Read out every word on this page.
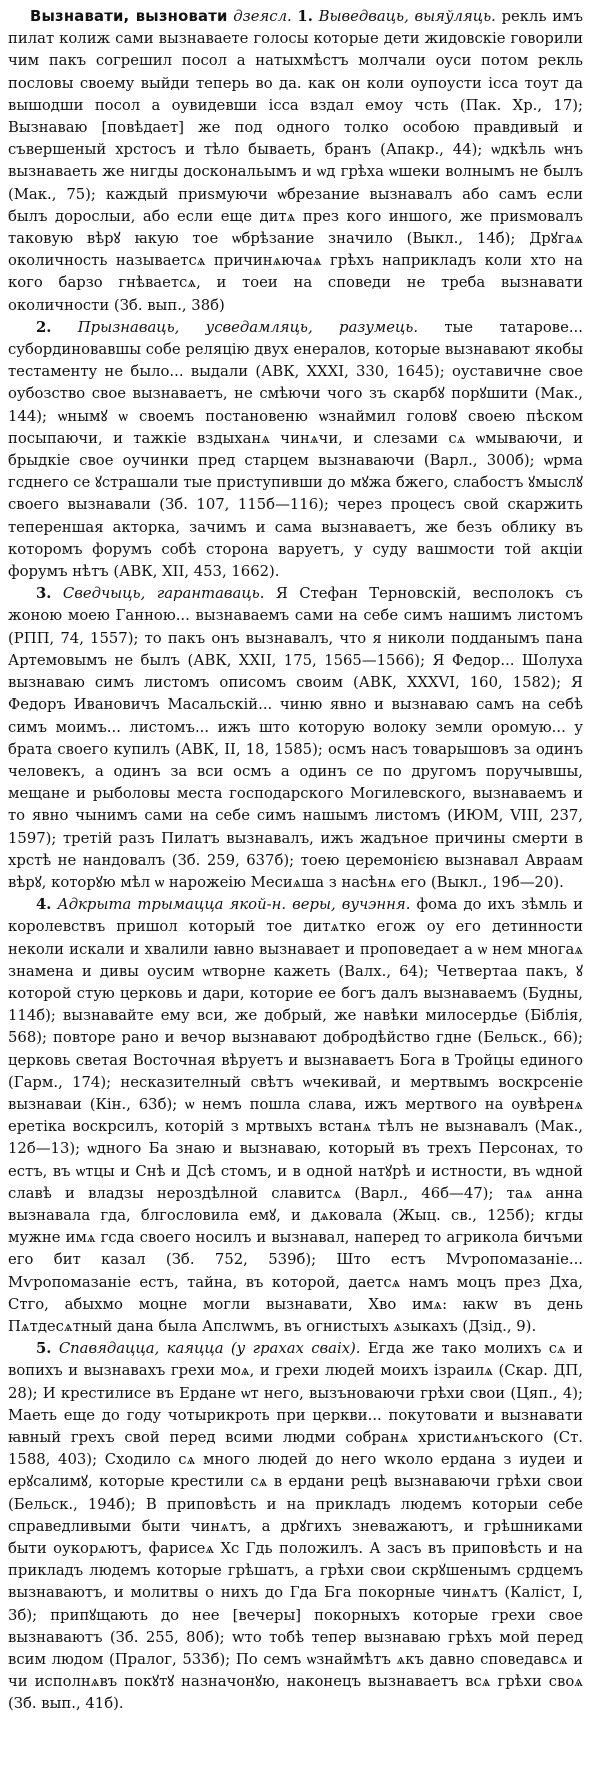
Вызнавати, вызновати дзеясл. 1. Выведваць, выяўляць. рекль имъ пилат колиж сами вызнаваете голосы которые дети жидовскіе говорили чим пакъ согрешил посол а натыхмѣстъ молчали оуси потом рекль пословы своему выйди теперь во да. как он коли оупоусти ісса тоут да вышодши посол а оувидевши ісса вздал емоу чсть (Пак. Хр., 17); Вызнаваю [повѣдает] же под одного толко особою правдивый и съвершеный хрстосъ и тѣло бываеть, бранъ (Апакр., 44); ѡдкѣль ѡнъ вызнаваеть же нигды доскональымъ и ѡд грѣха ѡшеки волнымъ не былъ (Мак., 75); каждый приѕмуючи ѡбрезание вызнавалъ або самъ если былъ дорослыи, або если еще дитѧ през кого иншого, же приѕмовалъ таковую вѣрꙋ ꙗкую тое ѡбрѣзание значило (Выкл., 14б); Дрꙋгаѧ околичность называетсѧ причинѧючаѧ грѣхъ наприкладъ коли хто на кого барзо гнѣваетсѧ, и тоеи на споведи не треба вызнавати околичности (Зб. вып., 38б)

2. Прызнаваць, усведамляць, разумець. тые татарове... субординовавшы собе реляцію двух енералов, которые вызнавают якобы тестаменту не было... выдали (АВК, XXXI, 330, 1645); оуставичне свое оубозство свое вызнаваетъ, не смѣючи чого зъ скарбꙋ порꙋшити (Мак., 144); ѡнымꙋ ѡ своемъ постановеню ѡзнаймил головꙋ своею пѣском посыпаючи, и тажкіе вздыханѧ чинѧчи, и слезами сѧ ѡмываючи, и брыдкіе свое оучинки пред старцем вызнаваючи (Варл., 300б); ѡрма гсднего се ꙋстрашали тые приступивши до мꙋжа бжего, слабостъ ꙋмыслꙋ своего вызнавали (Зб. 107, 115б—116); через процесъ свой скаржить тепереншая акторка, зачимъ и сама вызнаваетъ, же безъ облику въ которомъ форумъ собѣ сторона варуетъ, у суду вашмости той акціи форумъ нѣтъ (АВК, XII, 453, 1662).

3. Сведчыць, гарантаваць. Я Стефан Терновскій, весполокъ съ жоною моею Ганною... вызнаваемъ сами на себе симъ нашимъ листомъ (РПП, 74, 1557); то пакъ онъ вызнавалъ, что я николи подданымъ пана Артемовымъ не былъ (АВК, XXII, 175, 1565—1566); Я Федор... Шолуха вызнаваю симъ листомъ описомъ своим (АВК, XXXVI, 160, 1582); Я Федоръ Ивановичъ Масальскій... чиню явно и вызнаваю самъ на себѣ симъ моимъ... листомъ... ижъ што которую волоку земли оромую... у брата своего купилъ (АВК, II, 18, 1585); осмъ насъ товарышовъ за одинъ человекъ, а одинъ за вси осмъ а одинъ се по другомъ поручывшы, мещане и рыболовы места господарского Могилевского, вызнаваемъ и то явно чынимъ сами на себе симъ нашымъ листомъ (ИЮМ, VIII, 237, 1597); третій разъ Пилатъ вызнавалъ, ижъ жадъное причины смерти в хрстѣ не нандовалъ (Зб. 259, 637б); тоею церемонією вызнавал Авраам вѣрꙋ, которꙋю мѣл ѡ нарожеію Месиѧша з насѣнѧ его (Выкл., 19б—20).

4. Адкрыта трымацца якой-н. веры, вучэння. фома до ихъ зѣмль и королевствъ пришол который тое дитѧтко егож оу его детинности неколи искали и хвалили ꙗвно вызнавает и проповедает а ѡ нем многаѧ знамена и дивы оусим ѡтворне кажеть (Валх., 64); Четвертаа пакъ, ꙋ которой стую церковь и дари, которие ее богъ далъ вызнаваемъ (Будны, 114б); вызнавайте ему вси, же добрый, же навѣки милосердье (Біблія, 568); повторе рано и вечор вызнавают добродѣйство гдне (Бельск., 66); церковь светая Восточная вѣруетъ и вызнаваетъ Бога в Тройцы единого (Гарм., 174); несказителный свѣтъ ѡчекивай, и мертвымъ воскрсеніе вызнаваи (Кін., 63б); ѡ немъ пошла слава, ижъ мертвого на оувѣренѧ еретіка воскрсилъ, которій з мртвыхъ встанѧ тѣлъ не вызнавалъ (Мак., 12б—13); ѡдного Ба знаю и вызнаваю, который въ трехъ Персонах, то естъ, въ ѡтцы и Снѣ и Дсѣ стомъ, и в одной натꙋрѣ и истности, въ ѡдной славѣ и владзы нероздѣлной славитсѧ (Варл., 46б—47); таѧ анна вызнавала гда, блгословила емꙋ, и дѧковала (Жыц. св., 125б); кгды мужне имѧ гсда своего носилъ и вызнавал, наперед то агрикола бичъми его бит казал (Зб. 752, 539б); Што естъ Мѵропомазаніе... Мѵропомазаніе естъ, тайна, въ которой, даетсѧ намъ моцъ през Дха, Стго, абыхмо моцне могли вызнавати, Хво имѧ: ꙗкw въ день Пѧтдесѧтный дана была Апслwмъ, въ огнистыхъ ѧзыкахъ (Дзід., 9).

5. Спавядацца, каяцца (у грахах сваіх). Егда же тако молихъ сѧ и вопихъ и вызнавахъ грехи моѧ, и грехи людей моихъ ізраилѧ (Скар. ДП, 28); И крестилисе въ Ердане ѡт него, вызъноваючи грѣхи свои (Цяп., 4); Маеть еще до году чотырикроть при церкви... покутовати и вызнавати ꙗвный грехъ свой перед всими людми собранѧ христиѧнъского (Ст. 1588, 403); Сходило сѧ много людей до него wколо ердана з иудеи и ерꙋсалимꙋ, которые крестили сѧ в ердани рецѣ вызнаваючи грѣхи свои (Бельск., 194б); В приповѣсть и на прикладъ людемъ которыи себе справедливыми быти чинѧтъ, а дрꙋгихъ зневажаютъ, и грѣшниками быти оукорѧютъ, фарисеѧ Хс Гдь положилъ. А засъ въ приповѣсть и на прикладъ людемъ которые грѣшатъ, а грѣхи свои скрꙋшенымъ срдцемъ вызнаваютъ, и молитвы о нихъ до Гда Бга покорные чинѧтъ (Каліст, I, 3б); припꙋщають до нее [вечеры] покорныхъ которые грехи свое вызнаваютъ (Зб. 255, 80б); wто тобѣ тепер вызнаваю грѣхъ мой перед всим людом (Пралог, 533б); По семъ ѡзнаймѣтъ ѧкъ давно споведавсѧ и чи исполнѧвъ покꙋтꙋ назначонꙋю, наконецъ вызнаваетъ всѧ грѣхи своѧ (Зб. вып., 41б).
